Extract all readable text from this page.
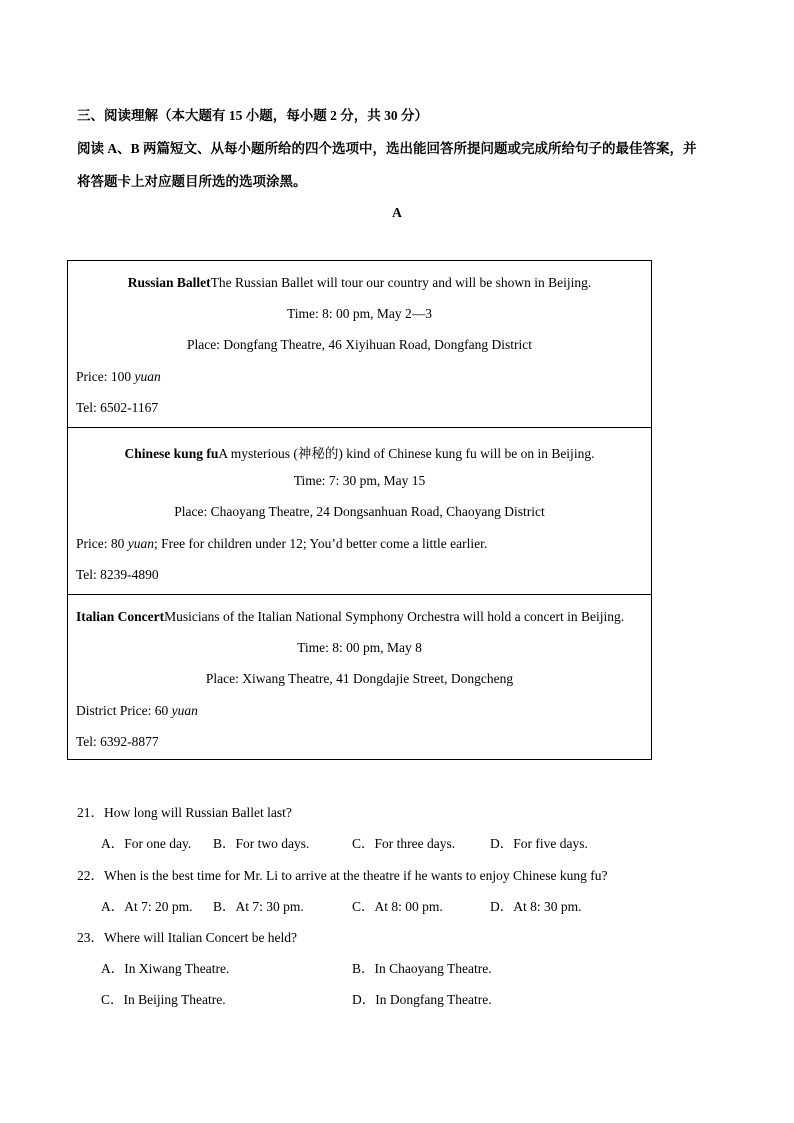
三、阅读理解（本大题有 15 小题，每小题 2 分，共 30 分）
阅读 A、B 两篇短文、从每小题所给的四个选项中，选出能回答所提问题或完成所给句子的最佳答案，并
将答题卡上对应题目所选的选项涂黑。
A
Russian BalletThe Russian Ballet will tour our country and will be shown in Beijing.
Time: 8: 00 pm, May 2—3
Place: Dongfang Theatre, 46 Xiyihuan Road, Dongfang District
Price: 100 yuan
Tel: 6502-1167
Chinese kung fuA mysterious (神秘的) kind of Chinese kung fu will be on in Beijing.
Time: 7: 30 pm, May 15
Place: Chaoyang Theatre, 24 Dongsanhuan Road, Chaoyang District
Price: 80 yuan; Free for children under 12; You’d better come a little earlier.
Tel: 8239-4890
Italian ConcertMusicians of the Italian National Symphony Orchestra will hold a concert in Beijing.
Time: 8: 00 pm, May 8
Place: Xiwang Theatre, 41 Dongdajie Street, Dongcheng
District Price: 60 yuan
Tel: 6392-8877
21．How long will Russian Ballet last?
A．For one day. B．For two days.	C．For three days.	D．For five days.
22．When is the best time for Mr. Li to arrive at the theatre if he wants to enjoy Chinese kung fu?
A．At 7: 20 pm. B．At 7: 30 pm.	C．At 8: 00 pm.	D．At 8: 30 pm.
23．Where will Italian Concert be held?
A．In Xiwang Theatre.	B．In Chaoyang Theatre.
C．In Beijing Theatre.	D．In Dongfang Theatre.
